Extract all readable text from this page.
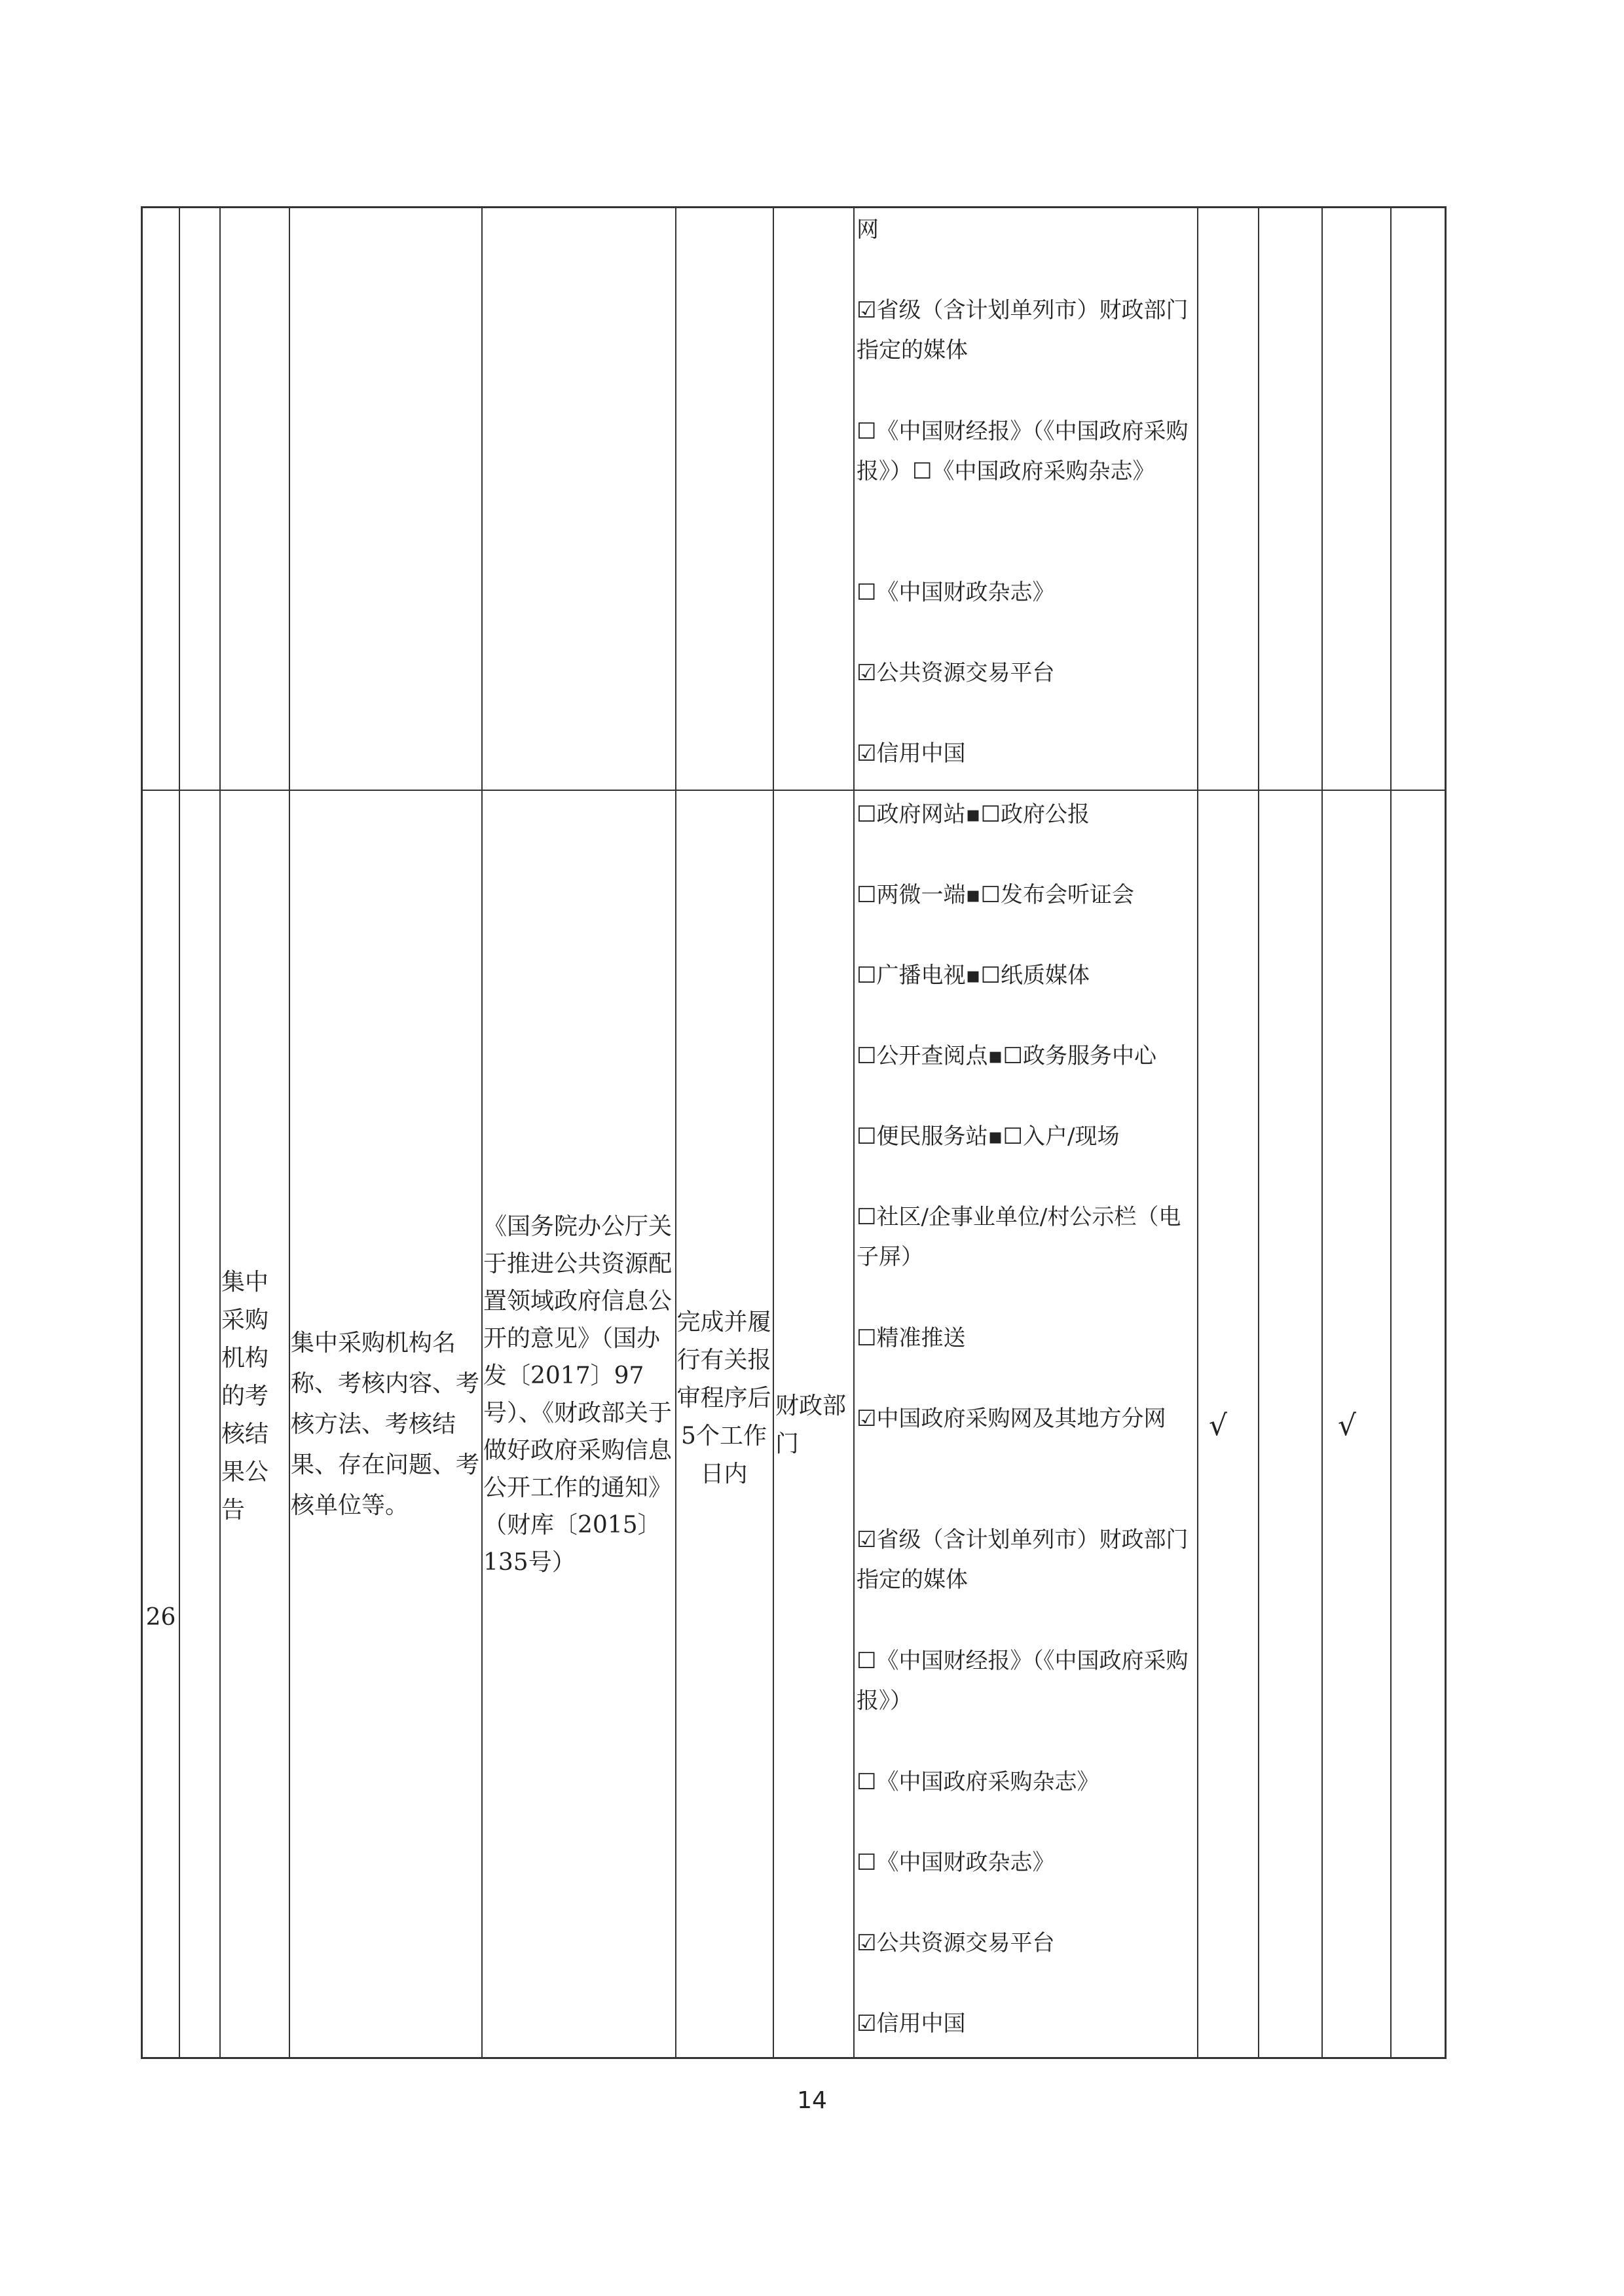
网
☑省级（含计划单列市）财政部门指定的媒体
☐《中国财经报》（《中国政府采购报》）☐《中国政府采购杂志》
☐《中国财政杂志》
☑公共资源交易平台
☑信用中国
26
集中
采购
机构
的考
核结
果公
告
集中采购机构名称、考核内容、考核方法、考核结果、存在问题、考核单位等。
《国务院办公厅关于推进公共资源配置领域政府信息公开的意见》（国办发〔2017〕97号）、《财政部关于做好政府采购信息公开工作的通知》（财库〔2015〕135号）
完成并履行有关报审程序后5个工作日内
财政部门
☐政府网站▪☐政府公报
☐两微一端▪☐发布会听证会
☐广播电视▪☐纸质媒体
☐公开查阅点▪☐政务服务中心
☐便民服务站▪☐入户/现场
☐社区/企事业单位/村公示栏（电子屏）
☐精准推送
☑中国政府采购网及其地方分网
☑省级（含计划单列市）财政部门指定的媒体
☐《中国财经报》（《中国政府采购报》）
☐《中国政府采购杂志》
☐《中国财政杂志》
☑公共资源交易平台
☑信用中国
√	√
14
